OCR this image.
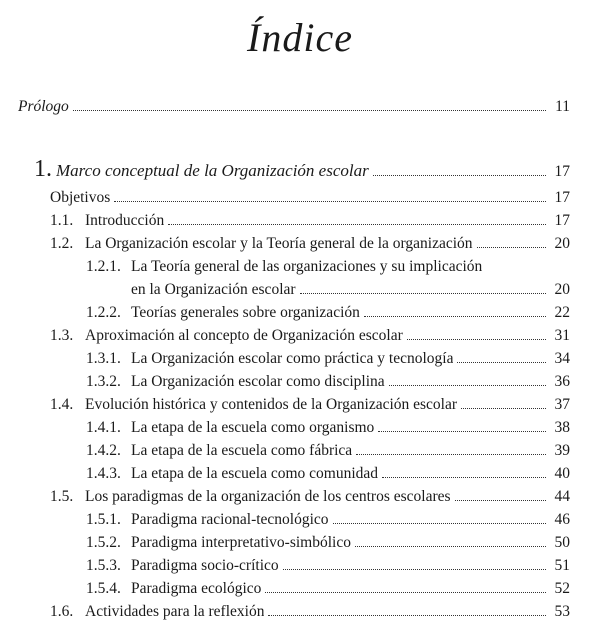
Índice
Prólogo	11
1. Marco conceptual de la Organización escolar	17
Objetivos	17
1.1. Introducción	17
1.2. La Organización escolar y la Teoría general de la organización	20
1.2.1. La Teoría general de las organizaciones y su implicación
en la Organización escolar	20
1.2.2. Teorías generales sobre organización	22
1.3. Aproximación al concepto de Organización escolar	31
1.3.1. La Organización escolar como práctica y tecnología	34
1.3.2. La Organización escolar como disciplina	36
1.4. Evolución histórica y contenidos de la Organización escolar	37
1.4.1. La etapa de la escuela como organismo	38
1.4.2. La etapa de la escuela como fábrica	39
1.4.3. La etapa de la escuela como comunidad	40
1.5. Los paradigmas de la organización de los centros escolares	44
1.5.1. Paradigma racional-tecnológico	46
1.5.2. Paradigma interpretativo-simbólico	50
1.5.3. Paradigma socio-crítico	51
1.5.4. Paradigma ecológico	52
1.6. Actividades para la reflexión	53
